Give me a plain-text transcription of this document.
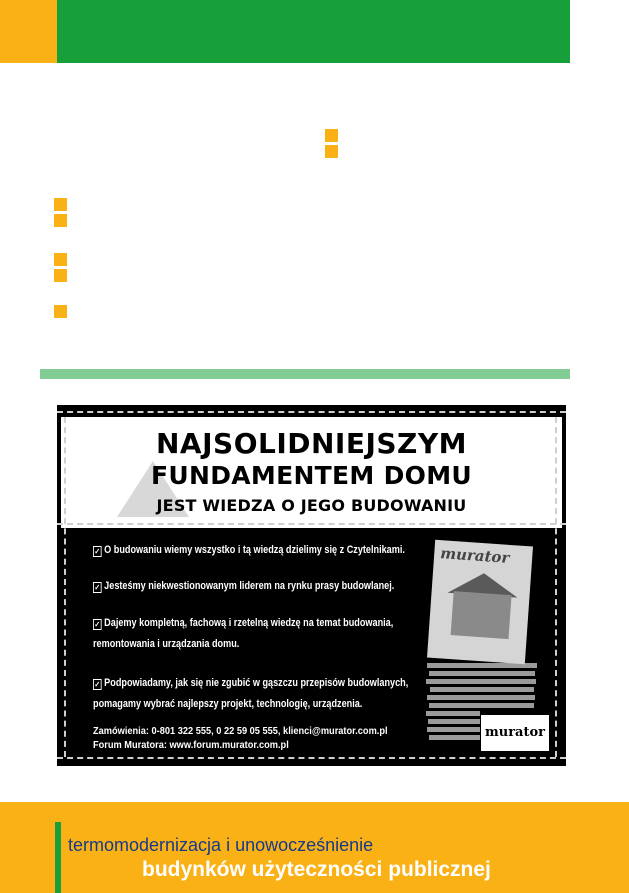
NAJSOLIDNIEJSZYM

FUNDAMENTEM DOMU

JEST WIEDZA O JEGO BUDOWANIU

✓ O budowaniu wiemy wszystko i tą wiedzą dzielimy się z Czytelnikami.
✓ Jesteśmy niekwestionowanym liderem na rynku prasy budowlanej.
✓ Dajemy kompletną, fachową i rzetelną wiedzę na temat budowania,
remontowania i urządzania domu.
✓ Podpowiadamy, jak się nie zgubić w gąszczu przepisów budowlanych,
pomagamy wybrać najlepszy projekt, technologię, urządzenia.
Zamówienia: 0-801 322 555, 0 22 59 05 555, klienci@murator.com.pl
Forum Muratora: www.forum.murator.com.pl
murator
murator
termomodernizacja i unowocześnienie
budynków użyteczności publicznej
